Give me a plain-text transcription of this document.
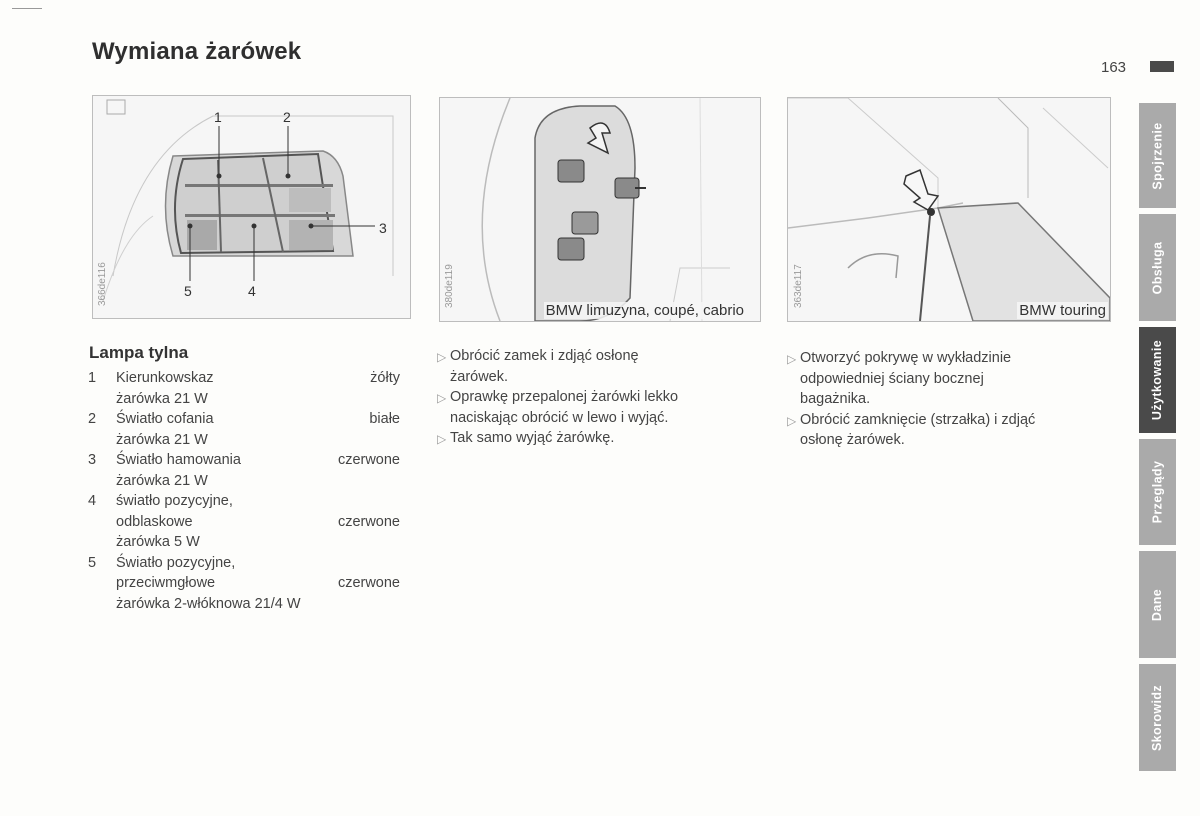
Wymiana żarówek
163
1	2
3
4
5
366de116	380de119
BMW limuzyna, coupé, cabrio
363de117
BMW touring
Lampa tylna
1	Kierunkowskaz	żółty
żarówka 21 W
2	Światło cofania	białe
żarówka 21 W
3	Światło hamowania	czerwone
żarówka 21 W
4	światło pozycyjne,
odblaskowe	czerwone
żarówka 5 W
5	Światło pozycyjne,
przeciwmgłowe	czerwone
żarówka 2-włóknowa 21/4 W
▷ Obrócić zamek i zdjąć osłonę
żarówek.
▷ Oprawkę przepalonej żarówki lekko
naciskając obrócić w lewo i wyjąć.
▷ Tak samo wyjąć żarówkę.
▷ Otworzyć pokrywę w wykładzinie
odpowiedniej ściany bocznej
bagażnika.
▷ Obrócić zamknięcie (strzałka) i zdjąć
osłonę żarówek.
Spojrzenie
Obsługa
Użytkowanie
Przeglądy
Dane
Skorowidz
